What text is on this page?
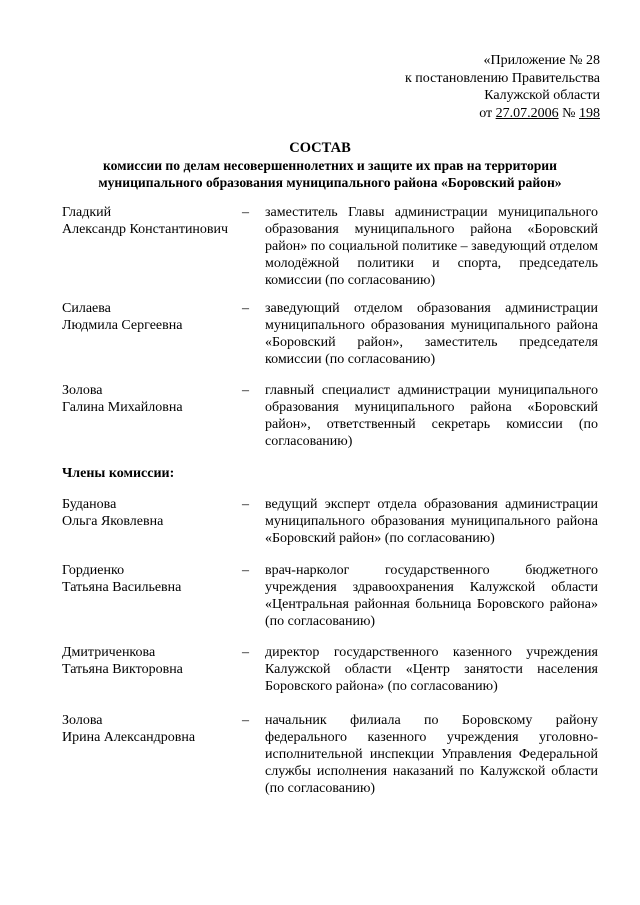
«Приложение № 28
к постановлению Правительства
Калужской области
от 27.07.2006 № 198
СОСТАВ
комиссии по делам несовершеннолетних и защите их прав на территории муниципального образования муниципального района «Боровский район»
Гладкий
Александр Константинович
– заместитель Главы администрации муниципального образования муниципального района «Боровский район» по социальной политике – заведующий отделом молодёжной политики и спорта, председатель комиссии (по согласованию)
Силаева
Людмила Сергеевна
– заведующий отделом образования администрации муниципального образования муниципального района «Боровский район», заместитель председателя комиссии (по согласованию)
Золова
Галина Михайловна
– главный специалист администрации муниципального образования муниципального района «Боровский район», ответственный секретарь комиссии (по согласованию)
Члены комиссии:
Буданова
Ольга Яковлевна
– ведущий эксперт отдела образования администрации муниципального образования муниципального района «Боровский район» (по согласованию)
Гордиенко
Татьяна Васильевна
– врач-нарколог государственного бюджетного учреждения здравоохранения Калужской области «Центральная районная больница Боровского района» (по согласованию)
Дмитриченкова
Татьяна Викторовна
– директор государственного казенного учреждения Калужской области «Центр занятости населения Боровского района» (по согласованию)
Золова
Ирина Александровна
– начальник филиала по Боровскому району федерального казенного учреждения уголовно-исполнительной инспекции Управления Федеральной службы исполнения наказаний по Калужской области (по согласованию)
